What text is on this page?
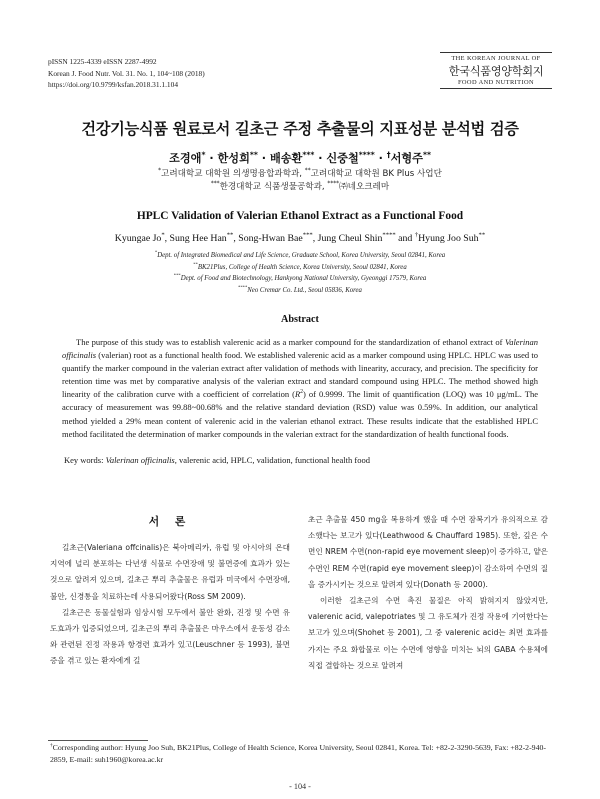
pISSN 1225-4339 eISSN 2287-4992
Korean J. Food Nutr. Vol. 31. No. 1, 104~108 (2018)
https://doi.org/10.9799/ksfan.2018.31.1.104
THE KOREAN JOURNAL OF
한국식품영양학회지
FOOD AND NUTRITION
건강기능식품 원료로서 길초근 주정 추출물의 지표성분 분석법 검증
조경애* · 한성희** · 배송환*** · 신중철**** · †서형주**
*고려대학교 대학원 의생명융합과학과, **고려대학교 대학원 BK Plus 사업단
***한경대학교 식품생물공학과, ****㈜네오크레마
HPLC Validation of Valerian Ethanol Extract as a Functional Food
Kyungae Jo*, Sung Hee Han**, Song-Hwan Bae***, Jung Cheul Shin**** and †Hyung Joo Suh**
*Dept. of Integrated Biomedical and Life Science, Graduate School, Korea University, Seoul 02841, Korea
**BK21Plus, College of Health Science, Korea University, Seoul 02841, Korea
***Dept. of Food and Biotechnology, Hankyong National University, Gyeonggi 17579, Korea
****Neo Cremar Co. Ltd., Seoul 05836, Korea
Abstract
The purpose of this study was to establish valerenic acid as a marker compound for the standardization of ethanol extract of Valerinan officinalis (valerian) root as a functional health food. We established valerenic acid as a marker compound using HPLC. HPLC was used to quantify the marker compound in the valerian extract after validation of methods with linearity, accuracy, and precision. The specificity for retention time was met by comparative analysis of the valerian extract and standard compound using HPLC. The method showed high linearity of the calibration curve with a coefficient of correlation $(R^2)$ of 0.9999. The limit of quantification (LOQ) was 10 μg/mL. The accuracy of measurement was 99.88~00.68% and the relative standard deviation (RSD) value was 0.59%. In addition, our analytical method yielded a 29% mean content of valerenic acid in the valerian ethanol extract. These results indicate that the established HPLC method facilitated the determination of marker compounds in the valerian extract for the standardization of health functional foods.
Key words: Valerinan officinalis, valerenic acid, HPLC, validation, functional health food
서 론

길초근(Valeriana offcinalis)은 북아메리카, 유럽 및 아시아의 온대 지역에 널리 분포하는 다년생 식물로 수면장애 및 불면증에 효과가 있는 것으로 알려져 있으며, 길초근 뿌리 추출물은 유럽과 미국에서 수면장애, 불안, 신경통을 치료하는데 사용되어왔다(Ross SM 2009).

길초근은 동물실험과 임상시험 모두에서 불안 완화, 진정 및 수면 유도효과가 입증되었으며, 길초근의 뿌리 추출물은 마우스에서 운동성 감소와 관련된 진정 작용과 항경련 효과가 있고(Leuschner 등 1993), 불면증을 겪고 있는 환자에게 길

초근 추출물 450 mg을 복용하게 했을 때 수면 잠복기가 유의적으로 감소했다는 보고가 있다(Leathwood & Chauffard 1985). 또한, 깊은 수면인 NREM 수면(non-rapid eye movement sleep)이 증가하고, 얕은 수면인 REM 수면(rapid eye movement sleep)이 감소하여 수면의 질을 증가시키는 것으로 알려져 있다(Donath 등 2000).

이러한 길초근의 수면 촉진 물질은 아직 밝혀지지 않았지만, valerenic acid, valepotriates 및 그 유도체가 진정 작용에 기여한다는 보고가 있으며(Shohet 등 2001), 그 중 valerenic acid는 최면 효과를 가지는 주요 화합물로 이는 수면에 영향을 미치는 뇌의 GABA 수용체에 직접 결합하는 것으로 알려져

†Corresponding author: Hyung Joo Suh, BK21Plus, College of Health Science, Korea University, Seoul 02841, Korea. Tel: +82-2-3290-5639, Fax: +82-2-940-2859, E-mail: suh1960@korea.ac.kr
- 104 -
